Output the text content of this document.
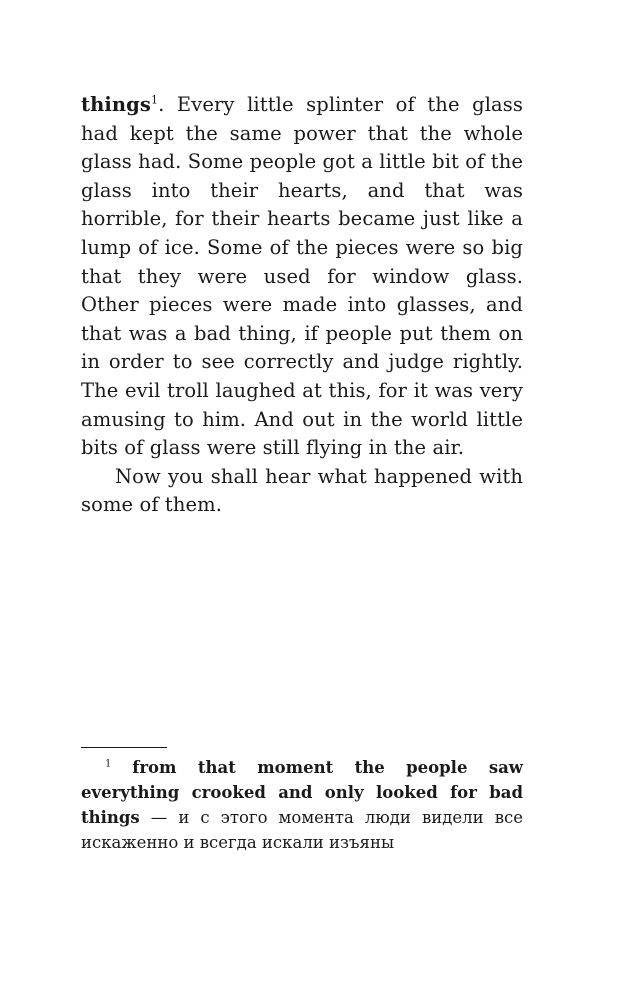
things$^1$. Every little splinter of the glass had kept the same power that the whole glass had. Some people got a little bit of the glass into their hearts, and that was horrible, for their hearts became just like a lump of ice. Some of the pieces were so big that they were used for window glass. Other pieces were made into glasses, and that was a bad thing, if people put them on in order to see correctly and judge rightly. The evil troll laughed at this, for it was very amusing to him. And out in the world little bits of glass were still flying in the air.

Now you shall hear what happened with some of them.

$^1$ from that moment the people saw everything crooked and only looked for bad things — и с этого момента люди видели все искаженно и всегда искали изъяны
